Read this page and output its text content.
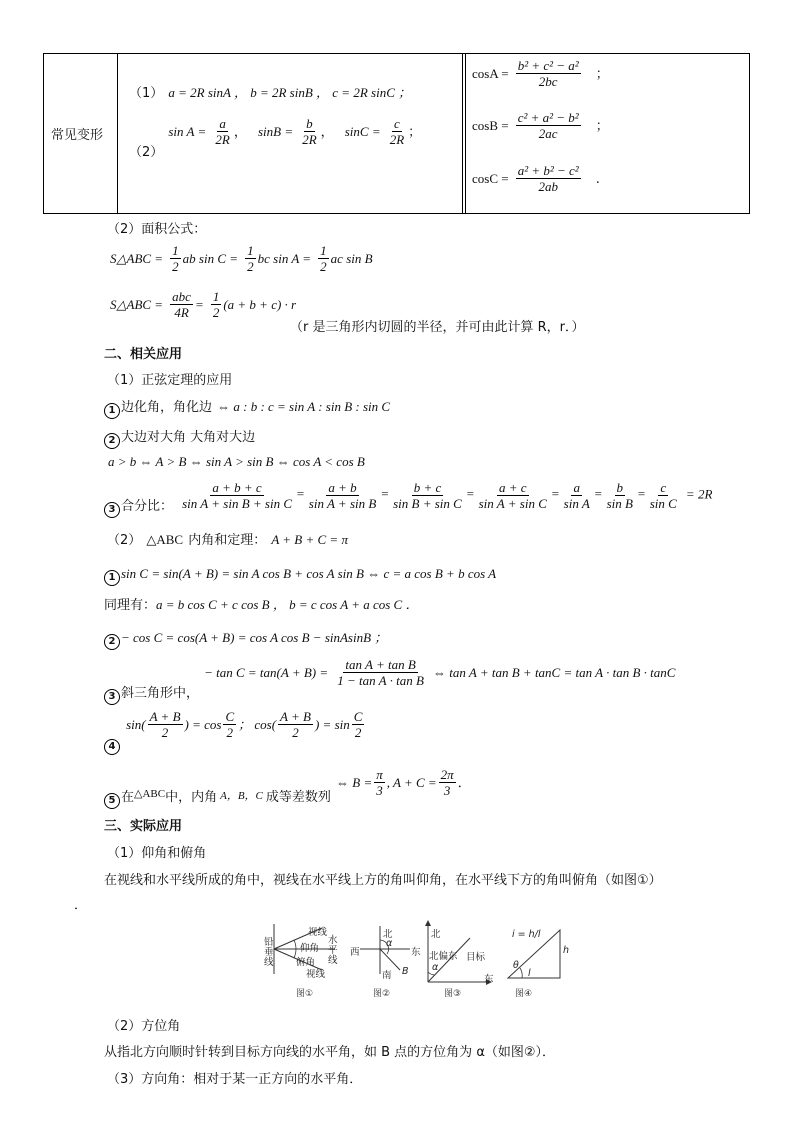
常见变形
（1） a = 2R sinA ， b = 2R sinB ， c = 2R sinC ；
$_{(2)}$ $\sin A = \frac{a}{2R}$ ， $\sin B = \frac{b}{2R}$ ， $\sin C = \frac{c}{2R}$ ；
$\cos A = \frac{\text{b² + c² − a²}}{2bc}$ ；
$\cos B = \frac{\text{c² + a² − b²}}{2ac}$ ；
$\cos C = \frac{\text{a² + b² − c²}}{2ab}$ .
（2）面积公式：
S△ABC = $\frac{1}{2}$ ab $\sin C = \frac{1}{2}$ bc $\sin A = \frac{1}{2}$ ac sin B
S△ABC = $\frac{\text{abc}}{4R} = \frac{1}{2} (a + b + c) \cdot r$
（r 是三角形内切圆的半径，并可由此计算 R，r．）
二、相关应用
（1）正弦定理的应用
1 边化角，角化边 ⇔ a : b : c = sin A : sin B : sin C
2 大边对大角 大角对大边
a > b ⇔ A > B ⇔ sin A > sin B ⇔ cos A < cos B
3 $_{合分比:} \frac{a + b + c}{\text{sin A + sin B + sin C}} = \frac{a + b}{\text{sin A + sin B}} = \frac{b + c}{\text{sin B + sin C}} = \frac{a + c}{\text{sin A + sin C}} = \frac{a}{\text{sin A}} = \frac{b}{\text{sin B}} = \frac{c}{\text{sin C}} = 2R$
（2） △ABC 内角和定理： A + B + C = π
1 sin C = sin(A + B) = sin A cos B + cos A sin B ⇔ c = a cos B + b cos A
同理有：a = b cos C + c cos B ， b = c cos A + a cos C ．
2 − cos C = cos(A + B) = cos A cos B − sinAsinB ；
3 $_{斜三角形中,} - \tan C = \tan(A + B) = \frac{\text{tan A + tan B}}{\text{1 − tan A · tan B}}$ ⇔ tan A + tan B + tanC = tan A · tan B · tanC
4 $\sin( \frac{A + B}{2}$ ) = $\cos \frac{C}{2}$ ； $\cos( \frac{A + B}{2}$ ) = $\sin \frac{C}{2}$
5 $_{在\triangle ABC中,内角}$ $_{A,B,C}$ $_{成等差数列}$ ⇔ $B = \frac{\pi}{3}$ , $A + C = \frac{2\pi}{3}$ ．
三、实际应用
（1）仰角和俯角
在视线和水平线所成的角中，视线在水平线上方的角叫仰角，在水平线下方的角叫俯角（如图①）
．
铅垂线
视线
仰角
俯角
视线
水平线
图①
北
西	东
南
α
B
图②
北
北偏东 目标
东
α
图③
i = h/l
h
l
θ
图④
（2）方位角
从指北方向顺时针转到目标方向线的水平角，如 B 点的方位角为 α（如图②）．
（3）方向角：相对于某一正方向的水平角．
